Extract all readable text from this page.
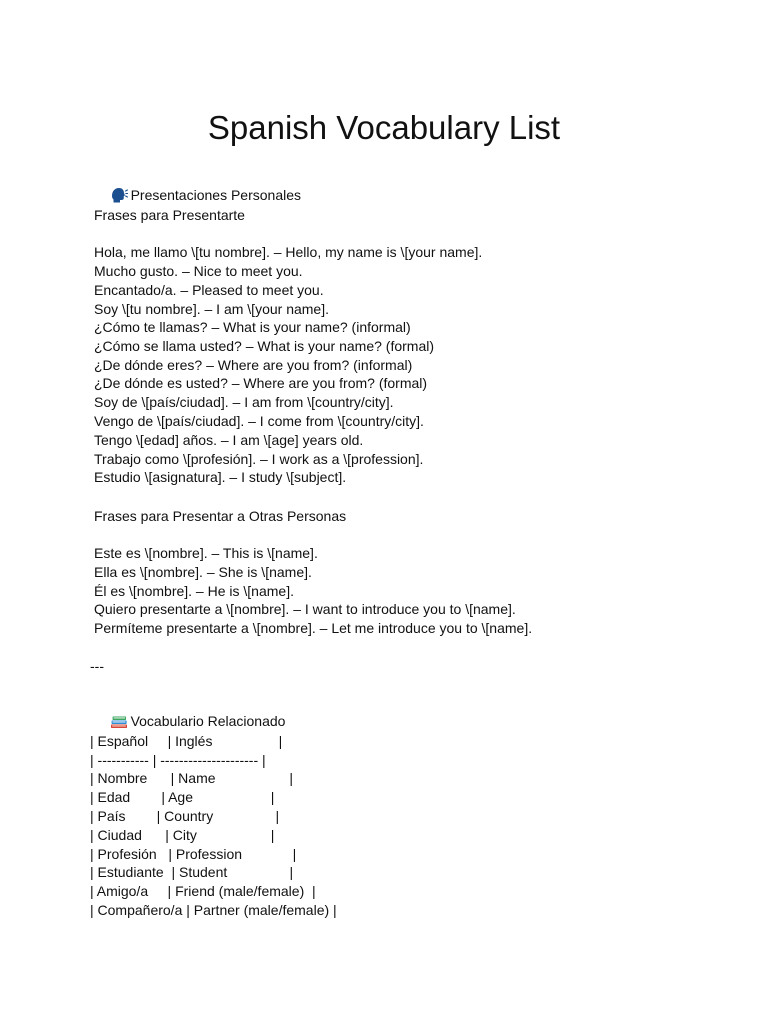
Spanish Vocabulary List

Presentaciones Personales

Frases para Presentarte
Hola, me llamo \[tu nombre]. – Hello, my name is \[your name].
Mucho gusto. – Nice to meet you.
Encantado/a. – Pleased to meet you.
Soy \[tu nombre]. – I am \[your name].
¿Cómo te llamas? – What is your name? (informal)
¿Cómo se llama usted? – What is your name? (formal)
¿De dónde eres? – Where are you from? (informal)
¿De dónde es usted? – Where are you from? (formal)
Soy de \[país/ciudad]. – I am from \[country/city].
Vengo de \[país/ciudad]. – I come from \[country/city].
Tengo \[edad] años. – I am \[age] years old.
Trabajo como \[profesión]. – I work as a \[profession].
Estudio \[asignatura]. – I study \[subject].
Frases para Presentar a Otras Personas
Este es \[nombre]. – This is \[name].
Ella es \[nombre]. – She is \[name].
Él es \[nombre]. – He is \[name].
Quiero presentarte a \[nombre]. – I want to introduce you to \[name].
Permíteme presentarte a \[nombre]. – Let me introduce you to \[name].
---

Vocabulario Relacionado

| Español     | Inglés                 |
| ----------- | --------------------- |
| Nombre      | Name                   |
| Edad        | Age                    |
| País        | Country                |
| Ciudad      | City                   |
| Profesión   | Profession             |
| Estudiante  | Student                |
| Amigo/a     | Friend (male/female)  |
| Compañero/a | Partner (male/female) |
